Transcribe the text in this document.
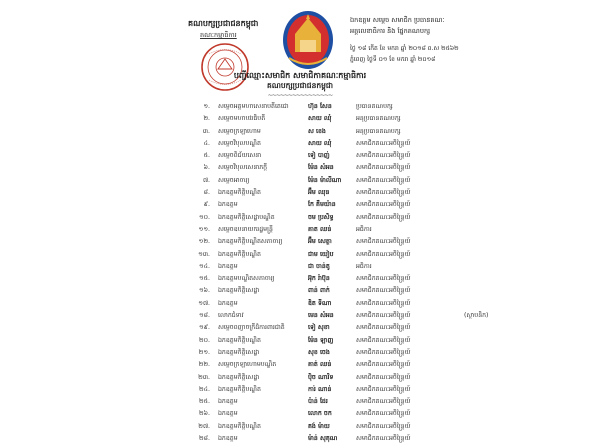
គណបក្សប្រជាជនកម្ពុជា
គណៈកម្មាធិការ
ឯកឧត្ដម សម្ដេច សមាជិក ប្រធានគណៈ
អគ្គលេខាធិការ និង ផ្នែកគណបក្ស
ថ្ងៃ ១៨ កើត ខែ មករា ឆ្នាំ ២០១៨ ព.ស ២៥៦២
ភ្នំពេញ ថ្ងៃទី ០១ ខែ មករា ឆ្នាំ ២០១៨
បញ្ជីឈ្មោះសមាជិក សមាជិកាគណៈកម្មាធិការ
គណបក្សប្រជាជនកម្ពុជា
~~~~~~~~~~~~~~~~
១. សម្ដេចអគ្គមហាសេនាបតីតេជោ	ហ៊ុន សែន	ប្រធានគណបក្ស
២. សម្ដេចមហាបវរធិបតី	សាយ ឈុំ	អនុប្រធានគណបក្ស
៣. សម្ដេចក្រឡាហោម	ស ខេង	អនុប្រធានគណបក្ស
៤. សម្ដេចវិបុលបណ្ឌិត	សាយ ឈុំ	សមាជិកគណៈអចិន្ត្រៃយ៍
៥. សម្ដេចពិជ័យសេនា	ទៀ បាញ់	សមាជិកគណៈអចិន្ត្រៃយ៍
៦. សម្ដេចវិបុលសេនាភក្ដី	ម៉ែន សំអន	សមាជិកគណៈអចិន្ត្រៃយ៍
៧. សម្ដេចអាចារ្យ	ម៉ែន ម៉ាលីណា សមាជិកគណៈអចិន្ត្រៃយ៍
៨. ឯកឧត្ដមកិត្តិបណ្ឌិត	អ៊ឹម ឈុន	សមាជិកគណៈអចិន្ត្រៃយ៍
៩. ឯកឧត្ដម	កែ គឹមយ៉ាន	សមាជិកគណៈអចិន្ត្រៃយ៍
១០. ឯកឧត្ដមកិត្តិសេដ្ឋាបណ្ឌិត	ចម ប្រសិទ្ធ	សមាជិកគណៈអចិន្ត្រៃយ៍
១១. សម្ដេចឧបនាយករដ្ឋមន្ត្រី	គាត ឈន់	អធិការ
១២. ឯកឧត្ដមកិត្តិបណ្ឌិតសភាចារ្យ	អ៊ឹម សេត្ថា	សមាជិកគណៈអចិន្ត្រៃយ៍
១៣. ឯកឧត្ដមកិត្តិបណ្ឌិត	ជាម យៀប	សមាជិកគណៈអចិន្ត្រៃយ៍
១៤. ឯកឧត្ដម	ជា ចាន់តូ	អធិការ
១៥. ឯកឧត្ដមបណ្ឌិតសភាចារ្យ	អ៊ុក រ៉ាប៊ុន	សមាជិកគណៈអចិន្ត្រៃយ៍
១៦. ឯកឧត្ដមកិត្តិសេដ្ឋា	ពាន់ ពាក់	សមាជិកគណៈអចិន្ត្រៃយ៍
១៧. ឯកឧត្ដម	ឌិត ទីណា	សមាជិកគណៈអចិន្ត្រៃយ៍
១៨. លោកជំទាវ	មេន សំអន	សមាជិកគណៈអចិន្ត្រៃយ៍	(ស្ថាបនិក)
១៩. សម្ដេចពញាចក្រីដ៏ការពារជាតិ	ទៀ សុខា	សមាជិកគណៈអចិន្ត្រៃយ៍
២០. ឯកឧត្ដមកិត្តិបណ្ឌិត	ម៉ែន ឡាញ	សមាជិកគណៈអចិន្ត្រៃយ៍
២១. ឯកឧត្ដមកិត្តិសេដ្ឋា	សុខ ចេង	សមាជិកគណៈអចិន្ត្រៃយ៍
២២. សម្ដេចក្រឡាហោមបណ្ឌិត	គាត់ ឈន់	សមាជិកគណៈអចិន្ត្រៃយ៍
២៣. ឯកឧត្ដមកិត្តិសេដ្ឋា	ប៉ិច ណារិទ	សមាជិកគណៈអចិន្ត្រៃយ៍
២៤. ឯកឧត្ដមកិត្តិបណ្ឌិត	ការ់ ណាន់	សមាជិកគណៈអចិន្ត្រៃយ៍
២៥. ឯកឧត្ដម	ប៉ាន់ ដែរ	សមាជិកគណៈអចិន្ត្រៃយ៍
២៦. ឯកឧត្ដម	លោក ចក	សមាជិកគណៈអចិន្ត្រៃយ៍
២៧. ឯកឧត្ដមកិត្តិបណ្ឌិត	គង់ ម៉ាយ	សមាជិកគណៈអចិន្ត្រៃយ៍
២៨. ឯកឧត្ដម	ម៉ាន់ សុគុណ	សមាជិកគណៈអចិន្ត្រៃយ៍
